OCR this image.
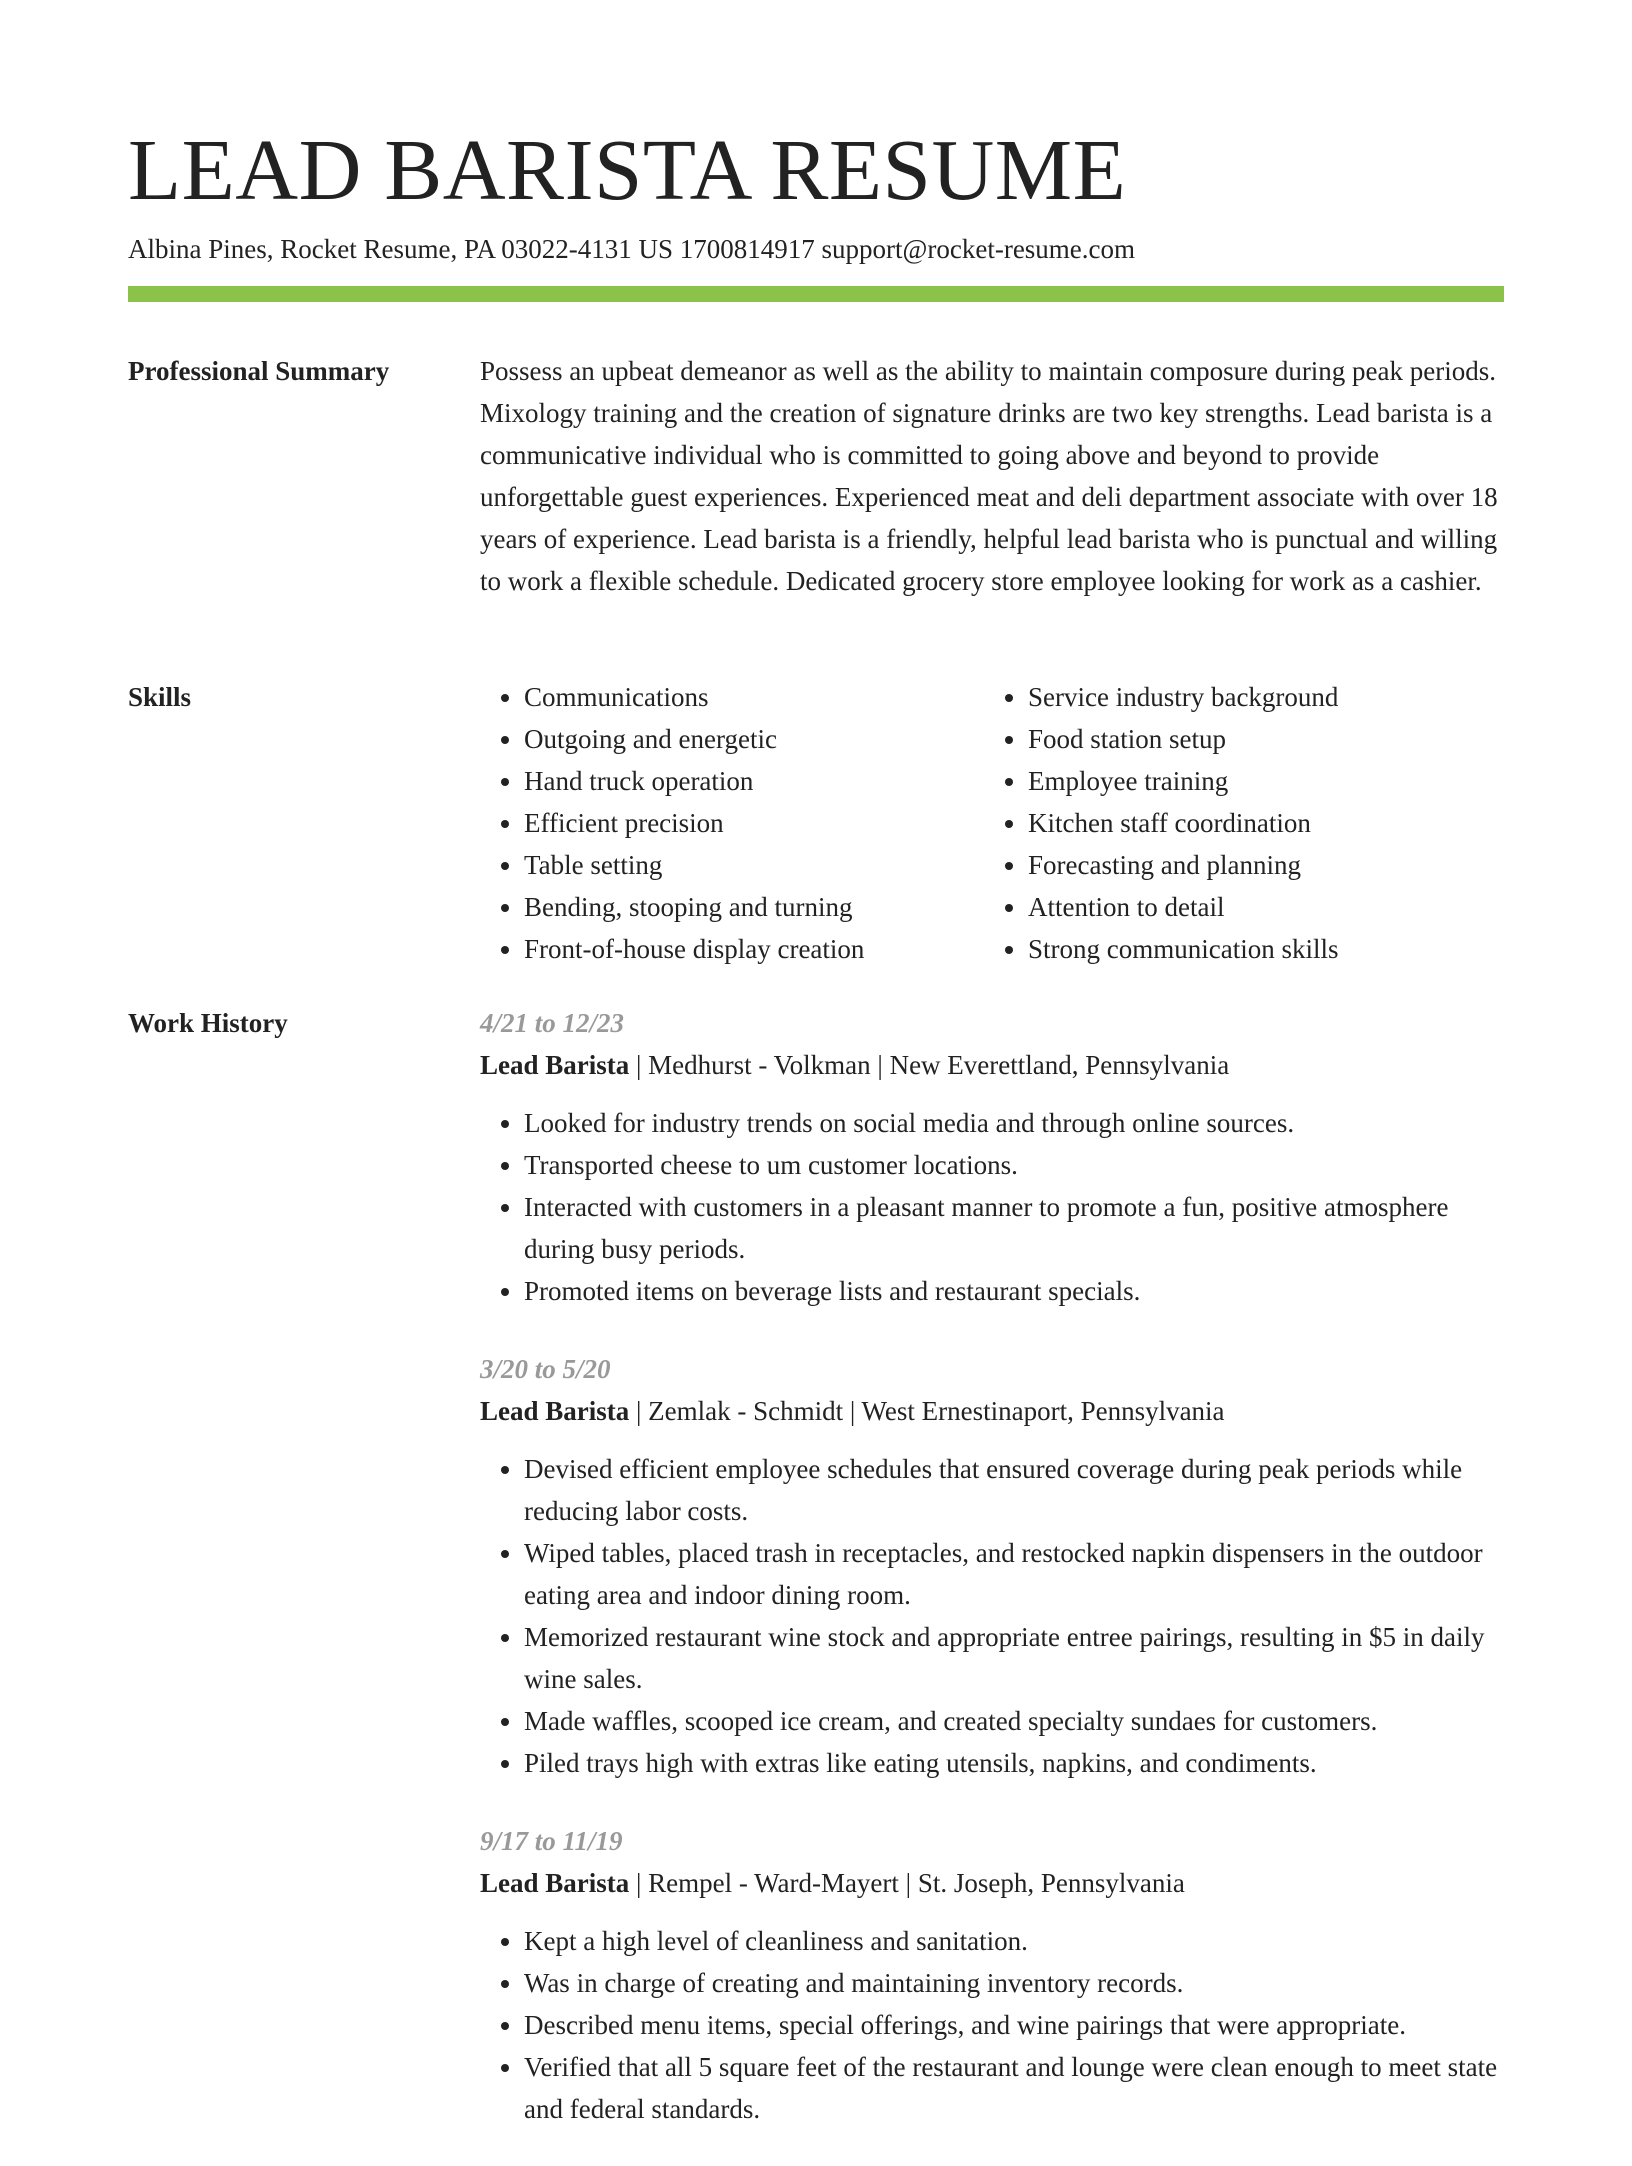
LEAD BARISTA RESUME
Albina Pines, Rocket Resume, PA 03022-4131 US 1700814917 support@rocket-resume.com
Professional Summary	Possess an upbeat demeanor as well as the ability to maintain composure during peak periods. Mixology training and the creation of signature drinks are two key strengths. Lead barista is a communicative individual who is committed to going above and beyond to provide unforgettable guest experiences. Experienced meat and deli department associate with over 18 years of experience. Lead barista is a friendly, helpful lead barista who is punctual and willing to work a flexible schedule. Dedicated grocery store employee looking for work as a cashier.

Skills
•	Communications
• Outgoing and energetic
• Hand truck operation
• Efficient precision
• Table setting
• Bending, stooping and turning
• Front-of-house display creation
• Service industry background
• Food station setup
• Employee training
• Kitchen staff coordination
• Forecasting and planning
• Attention to detail
• Strong communication skills
Work History	4/21 to 12/23
Lead Barista | Medhurst - Volkman | New Everettland, Pennsylvania
• Looked for industry trends on social media and through online sources.
• Transported cheese to um customer locations.
• Interacted with customers in a pleasant manner to promote a fun, positive atmosphere during busy periods.
• Promoted items on beverage lists and restaurant specials.
3/20 to 5/20
Lead Barista | Zemlak - Schmidt | West Ernestinaport, Pennsylvania
• Devised efficient employee schedules that ensured coverage during peak periods while reducing labor costs.
• Wiped tables, placed trash in receptacles, and restocked napkin dispensers in the outdoor eating area and indoor dining room.
• Memorized restaurant wine stock and appropriate entree pairings, resulting in $5 in daily wine sales.
• Made waffles, scooped ice cream, and created specialty sundaes for customers.
• Piled trays high with extras like eating utensils, napkins, and condiments.
9/17 to 11/19
Lead Barista | Rempel - Ward-Mayert | St. Joseph, Pennsylvania
• Kept a high level of cleanliness and sanitation.
• Was in charge of creating and maintaining inventory records.
• Described menu items, special offerings, and wine pairings that were appropriate.
• Verified that all 5 square feet of the restaurant and lounge were clean enough to meet state and federal standards.
